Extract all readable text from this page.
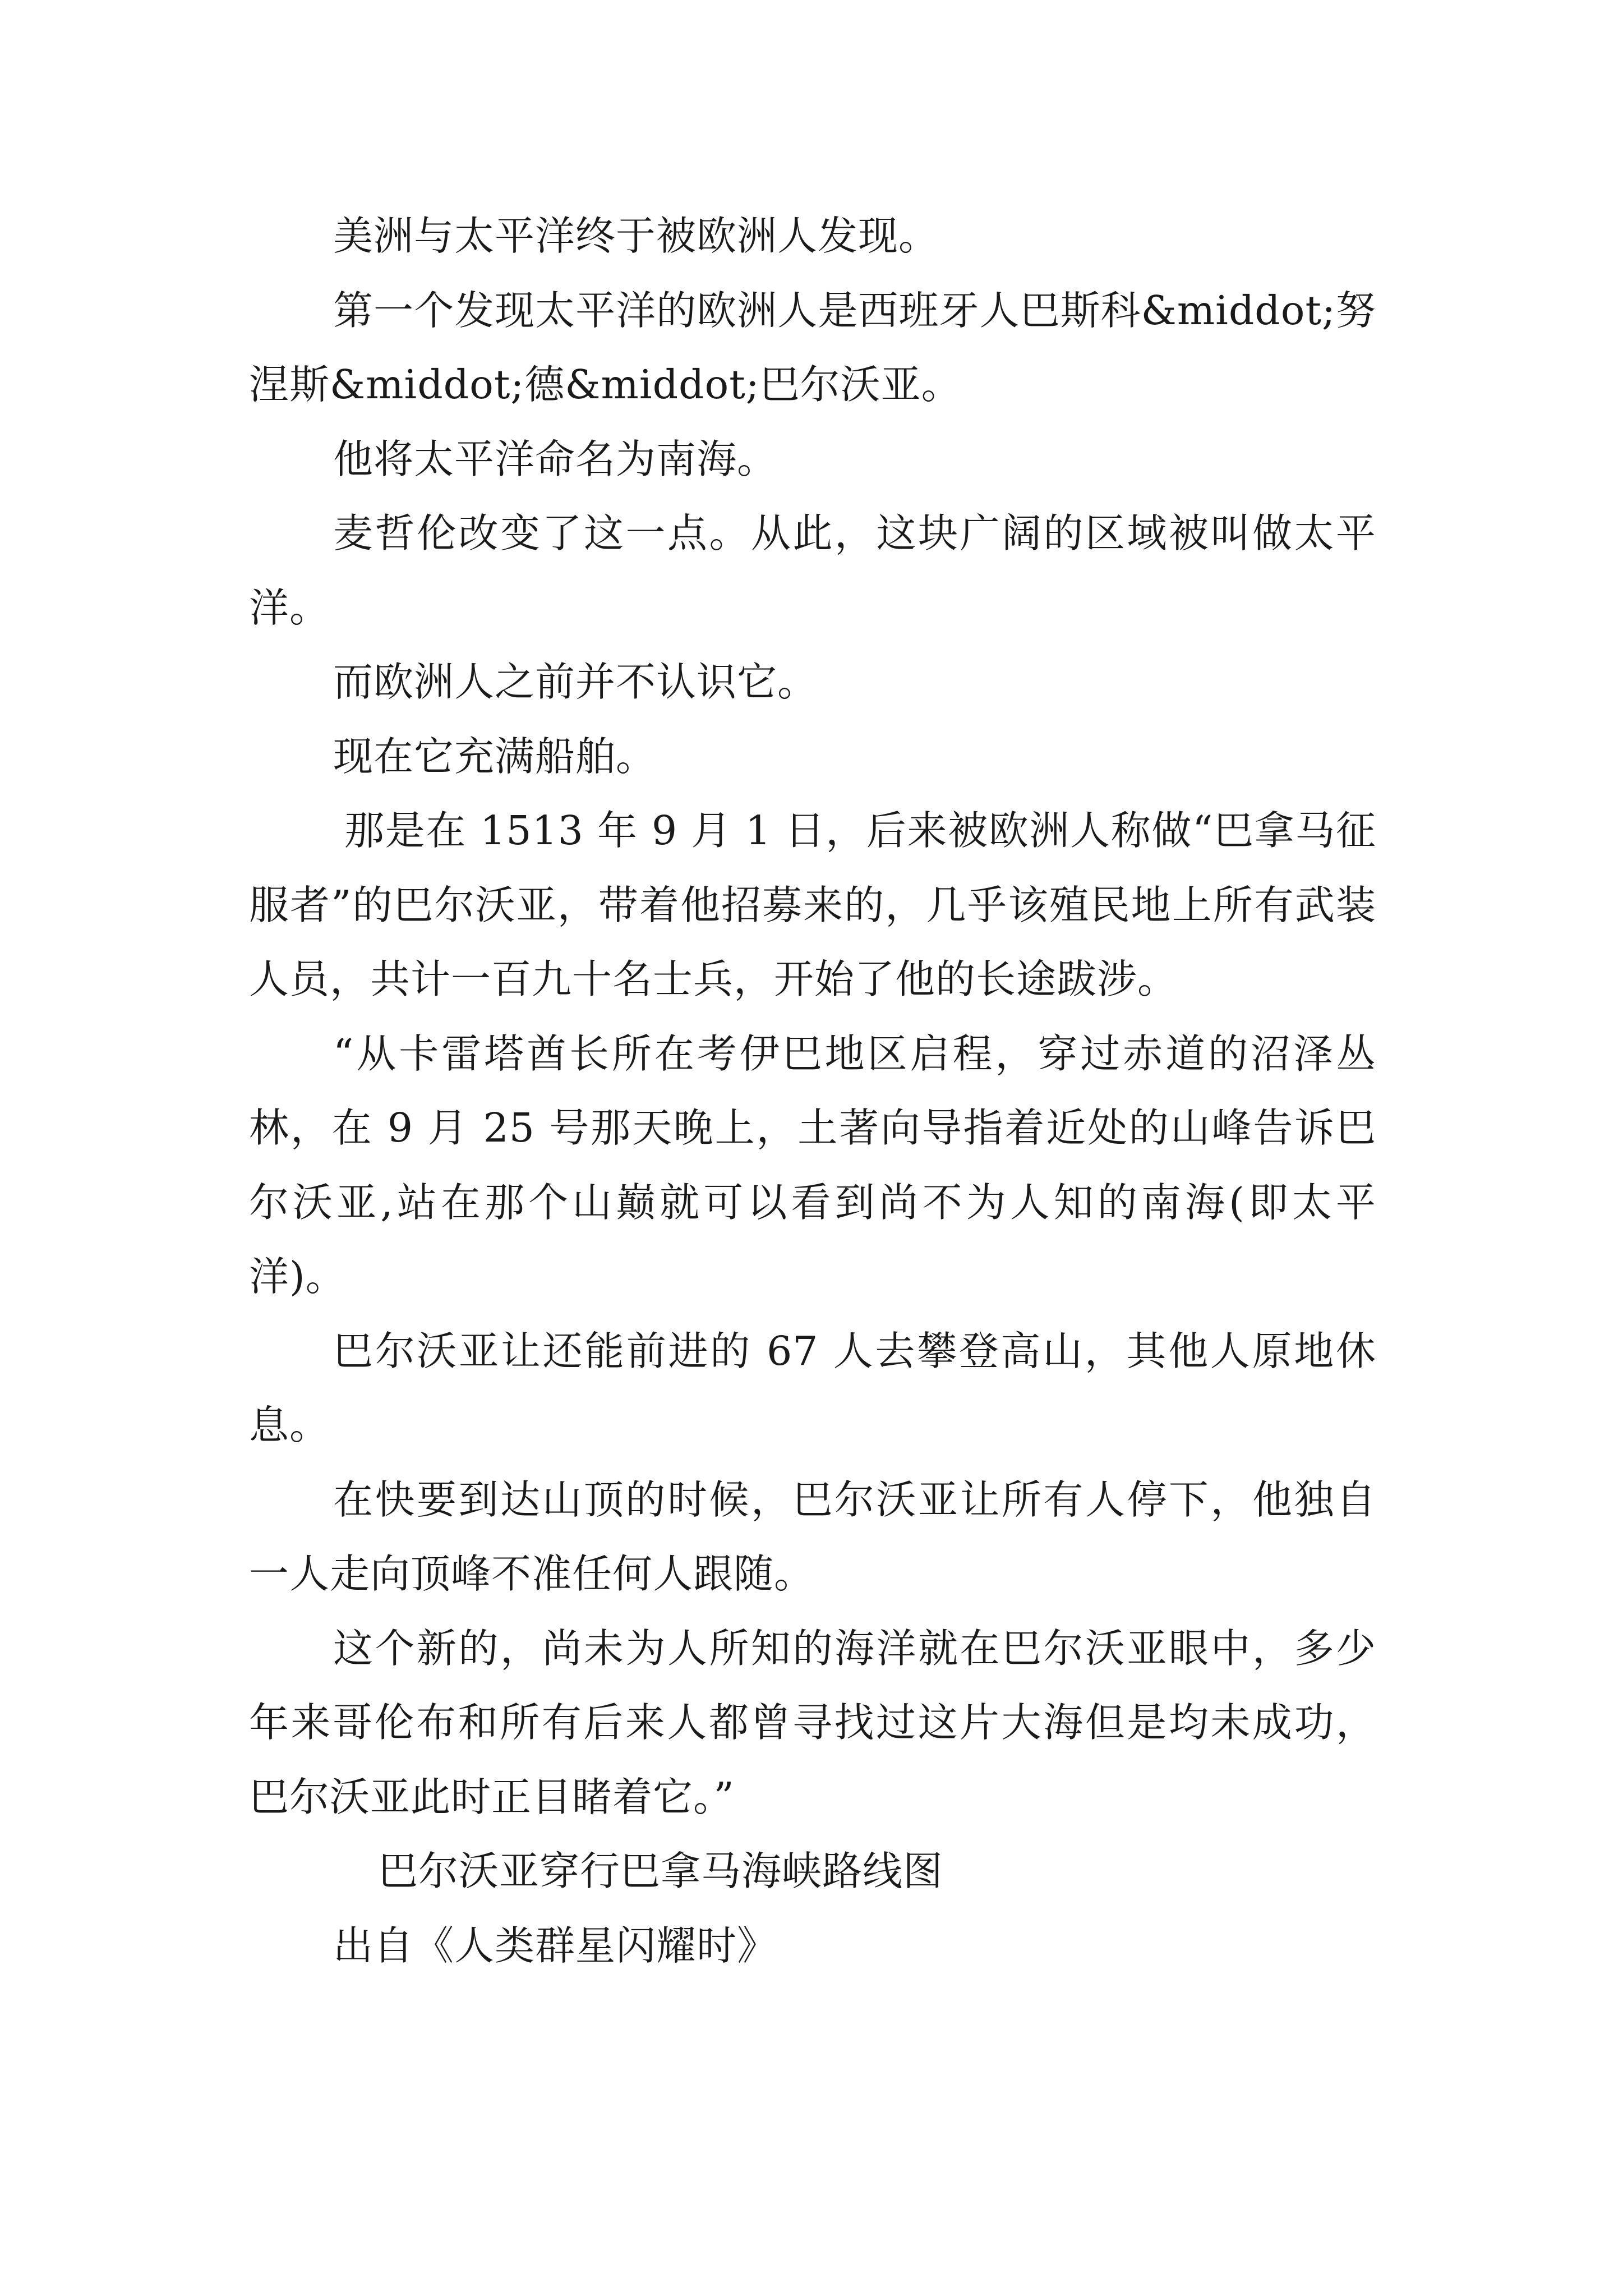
美洲与太平洋终于被欧洲人发现。

第一个发现太平洋的欧洲人是西班牙人巴斯科&middot;努涅斯&middot;德&middot;巴尔沃亚。

他将太平洋命名为南海。

麦哲伦改变了这一点。从此，这块广阔的区域被叫做太平洋。

而欧洲人之前并不认识它。

现在它充满船舶。

那是在 1513 年 9 月 1 日，后来被欧洲人称做“巴拿马征服者”的巴尔沃亚，带着他招募来的，几乎该殖民地上所有武装人员，共计一百九十名士兵，开始了他的长途跋涉。

“从卡雷塔酋长所在考伊巴地区启程，穿过赤道的沼泽丛林，在 9 月 25 号那天晚上，土著向导指着近处的山峰告诉巴尔沃亚,站在那个山巅就可以看到尚不为人知的南海(即太平洋)。

巴尔沃亚让还能前进的 67 人去攀登高山，其他人原地休息。

在快要到达山顶的时候，巴尔沃亚让所有人停下，他独自一人走向顶峰不准任何人跟随。

这个新的，尚未为人所知的海洋就在巴尔沃亚眼中，多少年来哥伦布和所有后来人都曾寻找过这片大海但是均未成功，巴尔沃亚此时正目睹着它。”

巴尔沃亚穿行巴拿马海峡路线图

出自《人类群星闪耀时》
